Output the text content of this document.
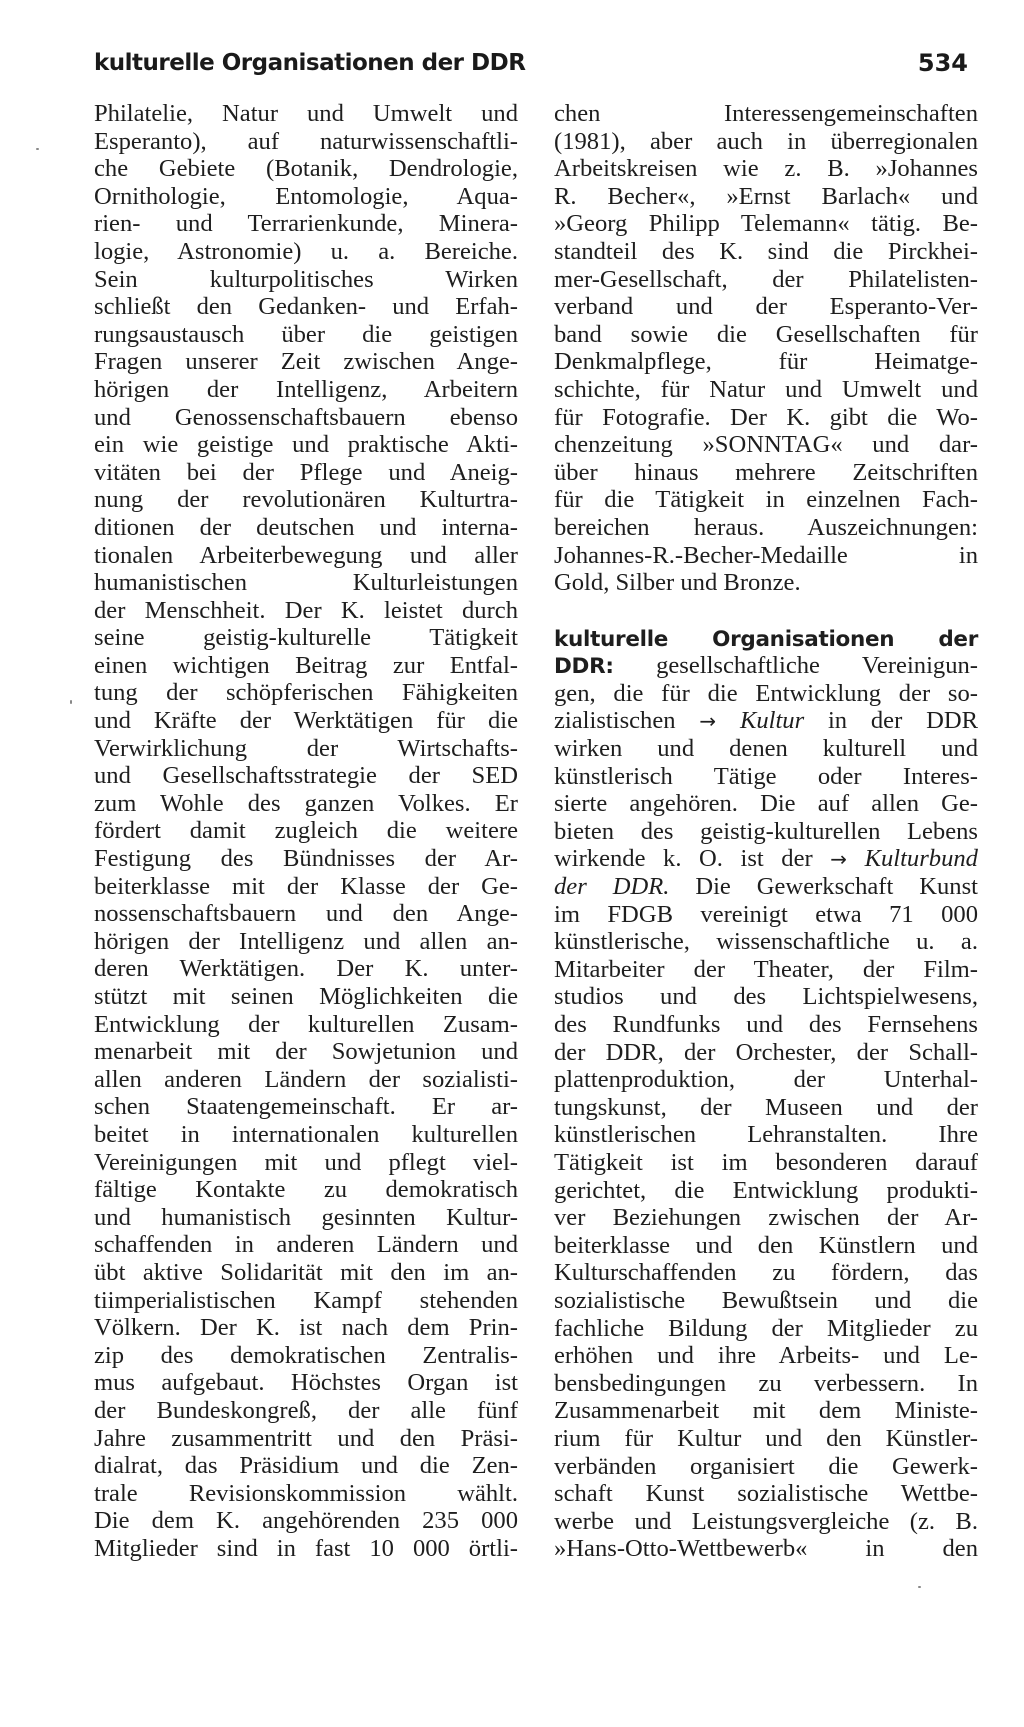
kulturelle Organisationen der DDR	534
Philatelie, Natur und Umwelt und
Esperanto), auf naturwissenschaftli-
che Gebiete (Botanik, Dendrologie,
Ornithologie, Entomologie, Aqua-
rien- und Terrarienkunde, Minera-
logie, Astronomie) u. a. Bereiche.
Sein kulturpolitisches Wirken
schließt den Gedanken- und Erfah-
rungsaustausch über die geistigen
Fragen unserer Zeit zwischen Ange-
hörigen der Intelligenz, Arbeitern
und Genossenschaftsbauern ebenso
ein wie geistige und praktische Akti-
vitäten bei der Pflege und Aneig-
nung der revolutionären Kulturtra-
ditionen der deutschen und interna-
tionalen Arbeiterbewegung und aller
humanistischen Kulturleistungen
der Menschheit. Der K. leistet durch
seine geistig-kulturelle Tätigkeit
einen wichtigen Beitrag zur Entfal-
tung der schöpferischen Fähigkeiten
und Kräfte der Werktätigen für die
Verwirklichung der Wirtschafts-
und Gesellschaftsstrategie der SED
zum Wohle des ganzen Volkes. Er
fördert damit zugleich die weitere
Festigung des Bündnisses der Ar-
beiterklasse mit der Klasse der Ge-
nossenschaftsbauern und den Ange-
hörigen der Intelligenz und allen an-
deren Werktätigen. Der K. unter-
stützt mit seinen Möglichkeiten die
Entwicklung der kulturellen Zusam-
menarbeit mit der Sowjetunion und
allen anderen Ländern der sozialisti-
schen Staatengemeinschaft. Er ar-
beitet in internationalen kulturellen
Vereinigungen mit und pflegt viel-
fältige Kontakte zu demokratisch
und humanistisch gesinnten Kultur-
schaffenden in anderen Ländern und
übt aktive Solidarität mit den im an-
tiimperialistischen Kampf stehenden
Völkern. Der K. ist nach dem Prin-
zip des demokratischen Zentralis-
mus aufgebaut. Höchstes Organ ist
der Bundeskongreß, der alle fünf
Jahre zusammentritt und den Präsi-
dialrat, das Präsidium und die Zen-
trale Revisionskommission wählt.
Die dem K. angehörenden 235 000
Mitglieder sind in fast 10 000 örtli-
chen Interessengemeinschaften
(1981), aber auch in überregionalen
Arbeitskreisen wie z. B. »Johannes
R. Becher«, »Ernst Barlach« und
»Georg Philipp Telemann« tätig. Be-
standteil des K. sind die Pirckhei-
mer-Gesellschaft, der Philatelisten-
verband und der Esperanto-Ver-
band sowie die Gesellschaften für
Denkmalpflege, für Heimatge-
schichte, für Natur und Umwelt und
für Fotografie. Der K. gibt die Wo-
chenzeitung »SONNTAG« und dar-
über hinaus mehrere Zeitschriften
für die Tätigkeit in einzelnen Fach-
bereichen heraus. Auszeichnungen:
Johannes-R.-Becher-Medaille in
Gold, Silber und Bronze.
kulturelle Organisationen der
DDR: gesellschaftliche Vereinigun-
gen, die für die Entwicklung der so-
zialistischen → Kultur in der DDR
wirken und denen kulturell und
künstlerisch Tätige oder Interes-
sierte angehören. Die auf allen Ge-
bieten des geistig-kulturellen Lebens
wirkende k. O. ist der → Kulturbund
der DDR. Die Gewerkschaft Kunst
im FDGB vereinigt etwa 71 000
künstlerische, wissenschaftliche u. a.
Mitarbeiter der Theater, der Film-
studios und des Lichtspielwesens,
des Rundfunks und des Fernsehens
der DDR, der Orchester, der Schall-
plattenproduktion, der Unterhal-
tungskunst, der Museen und der
künstlerischen Lehranstalten. Ihre
Tätigkeit ist im besonderen darauf
gerichtet, die Entwicklung produkti-
ver Beziehungen zwischen der Ar-
beiterklasse und den Künstlern und
Kulturschaffenden zu fördern, das
sozialistische Bewußtsein und die
fachliche Bildung der Mitglieder zu
erhöhen und ihre Arbeits- und Le-
bensbedingungen zu verbessern. In
Zusammenarbeit mit dem Ministe-
rium für Kultur und den Künstler-
verbänden organisiert die Gewerk-
schaft Kunst sozialistische Wettbe-
werbe und Leistungsvergleiche (z. B.
»Hans-Otto-Wettbewerb« in den
